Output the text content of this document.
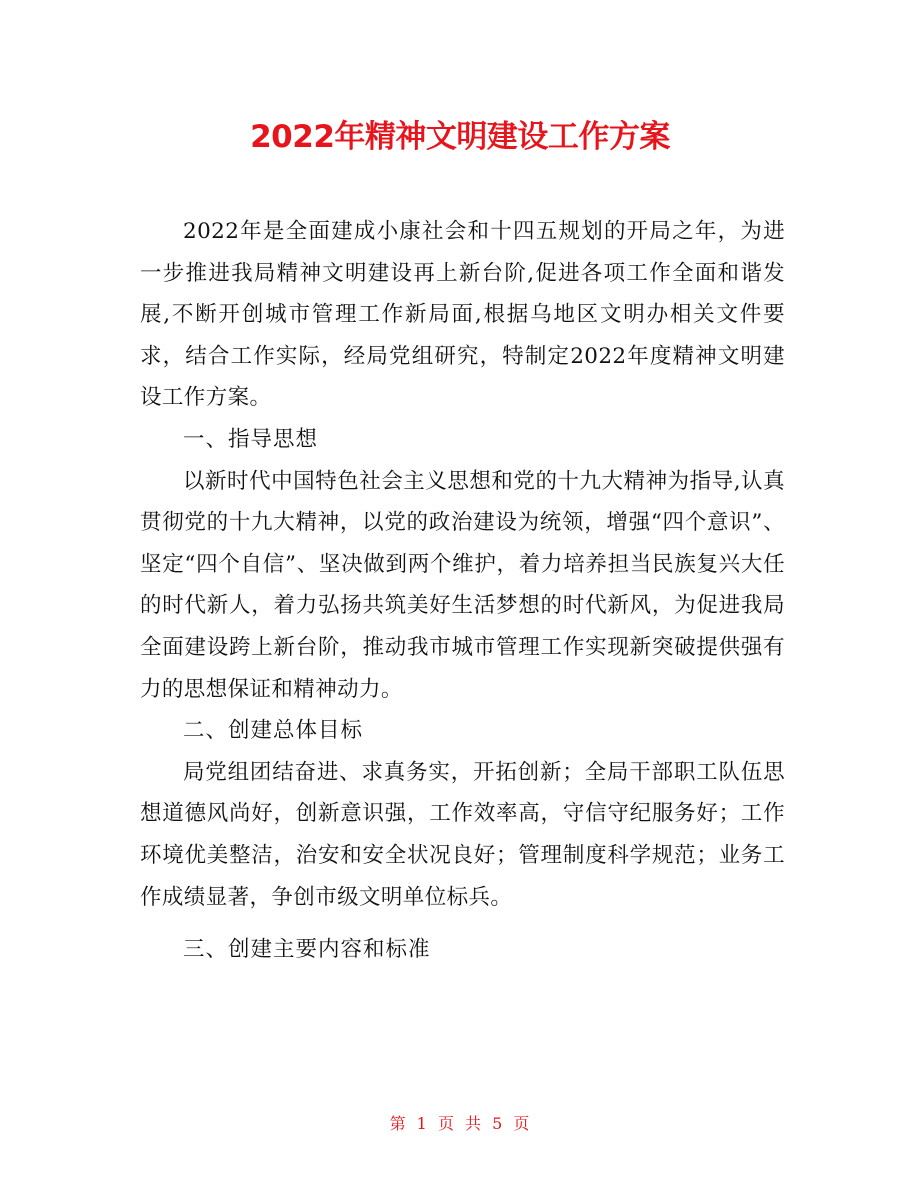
2022年精神文明建设工作方案

2022年是全面建成小康社会和十四五规划的开局之年，为进一步推进我局精神文明建设再上新台阶,促进各项工作全面和谐发展,不断开创城市管理工作新局面,根据乌地区文明办相关文件要求，结合工作实际，经局党组研究，特制定2022年度精神文明建设工作方案。

一、指导思想

以新时代中国特色社会主义思想和党的十九大精神为指导,认真贯彻党的十九大精神，以党的政治建设为统领，增强“四个意识”、坚定“四个自信”、坚决做到两个维护，着力培养担当民族复兴大任的时代新人，着力弘扬共筑美好生活梦想的时代新风，为促进我局全面建设跨上新台阶，推动我市城市管理工作实现新突破提供强有力的思想保证和精神动力。

二、创建总体目标

局党组团结奋进、求真务实，开拓创新；全局干部职工队伍思想道德风尚好，创新意识强，工作效率高，守信守纪服务好；工作环境优美整洁，治安和安全状况良好；管理制度科学规范；业务工作成绩显著，争创市级文明单位标兵。

三、创建主要内容和标准

第 1 页 共 5 页
